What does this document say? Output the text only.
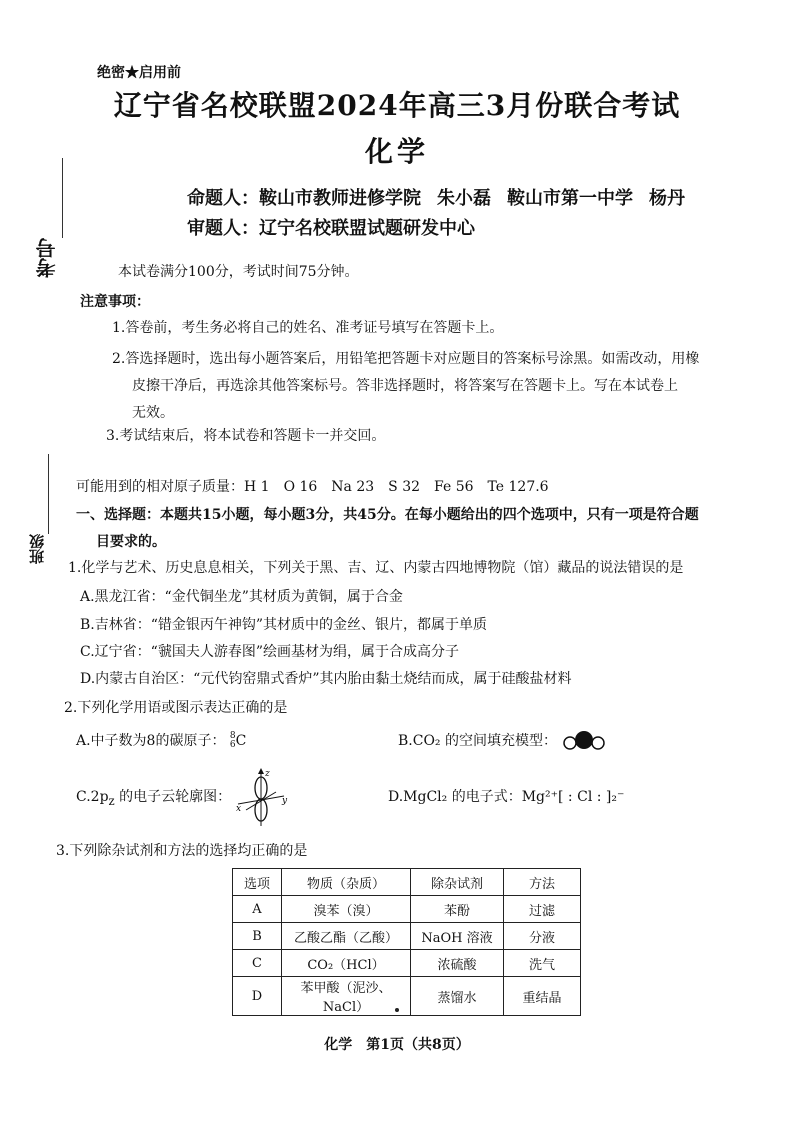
绝密★启用前
辽宁省名校联盟2024年高三3月份联合考试
化学
命题人：鞍山市教师进修学院 朱小磊 鞍山市第一中学 杨丹
审题人：辽宁名校联盟试题研发中心
考号
班级
本试卷满分100分，考试时间75分钟。
注意事项：
1.答卷前，考生务必将自己的姓名、准考证号填写在答题卡上。
2.答选择题时，选出每小题答案后，用铅笔把答题卡对应题目的答案标号涂黑。如需改动，用橡
皮擦干净后，再选涂其他答案标号。答非选择题时，将答案写在答题卡上。写在本试卷上
无效。
3.考试结束后，将本试卷和答题卡一并交回。
可能用到的相对原子质量：H 1　O 16　Na 23　S 32　Fe 56　Te 127.6
一、选择题：本题共15小题，每小题3分，共45分。在每小题给出的四个选项中，只有一项是符合题
目要求的。
1.化学与艺术、历史息息相关，下列关于黑、吉、辽、内蒙古四地博物院（馆）藏品的说法错误的是
A.黑龙江省：“金代铜坐龙”其材质为黄铜，属于合金
B.吉林省：“错金银丙午神钩”其材质中的金丝、银片，都属于单质
C.辽宁省：“虢国夫人游春图”绘画基材为绢，属于合成高分子
D.内蒙古自治区：“元代钧窑鼎式香炉”其内胎由黏土烧结而成，属于硅酸盐材料
2.下列化学用语或图示表达正确的是
A.中子数为8的碳原子： 8
6C	B.CO₂ 的空间填充模型：
$C.2p_z$ 的电子云轮廓图：
z
x
y	D.MgCl₂ 的电子式：Mg²⁺[ : Cl : ]₂⁻
3.下列除杂试剂和方法的选择均正确的是
选项	物质（杂质）	除杂试剂	方法
A	溴苯（溴）	苯酚	过滤
B	乙酸乙酯（乙酸）	NaOH 溶液	分液
C	CO₂（HCl）	浓硫酸	洗气
D	苯甲酸（泥沙、NaCl）	蒸馏水	重结晶
化学　第1页（共8页）
